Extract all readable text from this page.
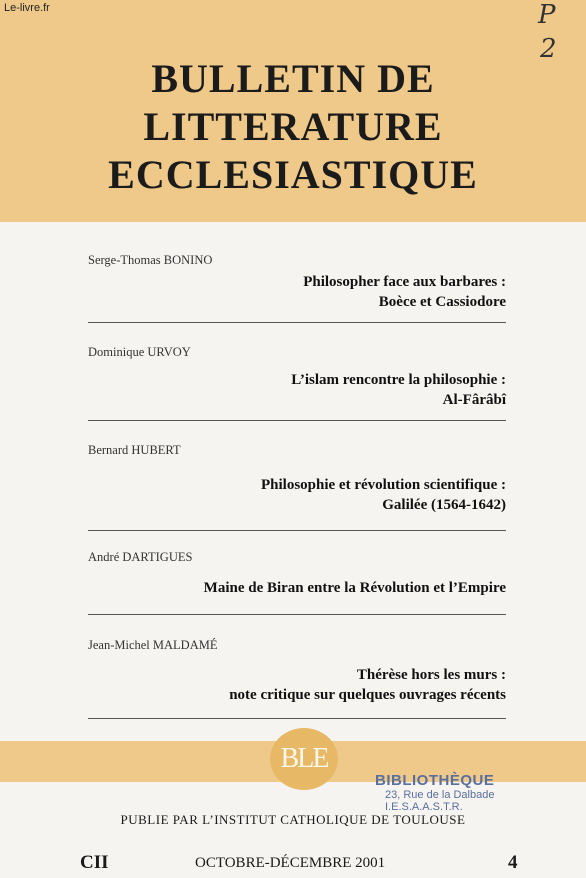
Le-livre.fr	P
2
BULLETIN DE
LITTERATURE
ECCLESIASTIQUE
Serge-Thomas BONINO
Philosopher face aux barbares :
Boèce et Cassiodore
Dominique URVOY
L’islam rencontre la philosophie :
Al-Fârâbî
Bernard HUBERT
Philosophie et révolution scientifique :
Galilée (1564-1642)
André DARTIGUES
Maine de Biran entre la Révolution et l’Empire
Jean-Michel MALDAMÉ
Thérèse hors les murs :
note critique sur quelques ouvrages récents
BLE
BIBLIOTHÈQUE
23, Rue de la Dalbade
I.E.S.A.A.S.T.R.
PUBLIE PAR L’INSTITUT CATHOLIQUE DE TOULOUSE
CII	OCTOBRE-DÉCEMBRE 2001	4
